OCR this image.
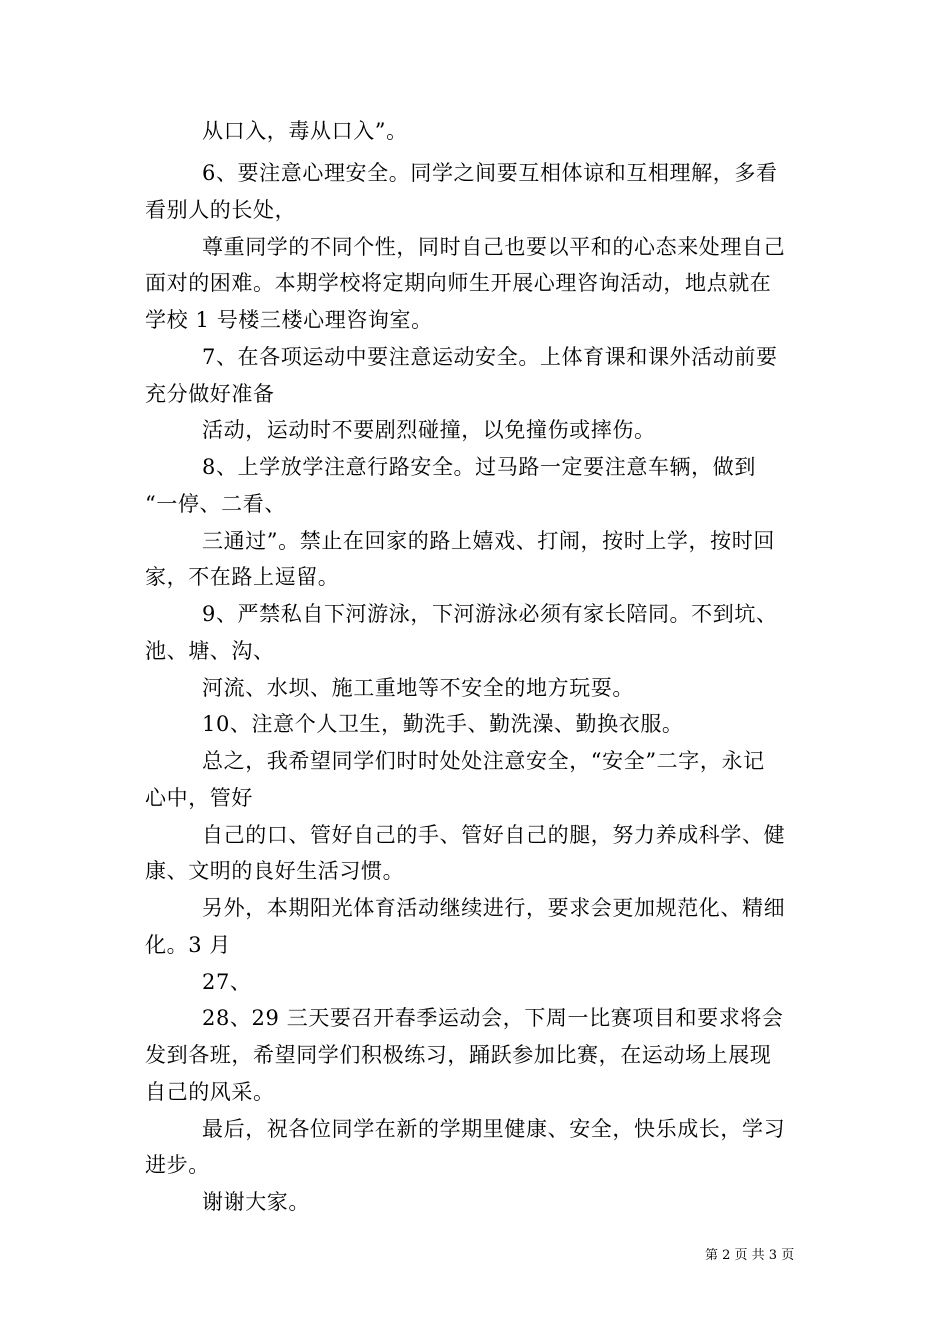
从口入，毒从口入”。
6、要注意心理安全。同学之间要互相体谅和互相理解，多看
看别人的长处，
尊重同学的不同个性，同时自己也要以平和的心态来处理自己
面对的困难。本期学校将定期向师生开展心理咨询活动，地点就在
学校 1 号楼三楼心理咨询室。
7、在各项运动中要注意运动安全。上体育课和课外活动前要
充分做好准备
活动，运动时不要剧烈碰撞，以免撞伤或摔伤。
8、上学放学注意行路安全。过马路一定要注意车辆，做到
“一停、二看、
三通过”。禁止在回家的路上嬉戏、打闹，按时上学，按时回
家，不在路上逗留。
9、严禁私自下河游泳，下河游泳必须有家长陪同。不到坑、
池、塘、沟、
河流、水坝、施工重地等不安全的地方玩耍。
10、注意个人卫生，勤洗手、勤洗澡、勤换衣服。
总之，我希望同学们时时处处注意安全，“安全”二字，永记
心中，管好
自己的口、管好自己的手、管好自己的腿，努力养成科学、健
康、文明的良好生活习惯。
另外，本期阳光体育活动继续进行，要求会更加规范化、精细
化。3 月
27、
28、29 三天要召开春季运动会，下周一比赛项目和要求将会
发到各班，希望同学们积极练习，踊跃参加比赛，在运动场上展现
自己的风采。
最后，祝各位同学在新的学期里健康、安全，快乐成长，学习
进步。
谢谢大家。
第 2 页 共 3 页
